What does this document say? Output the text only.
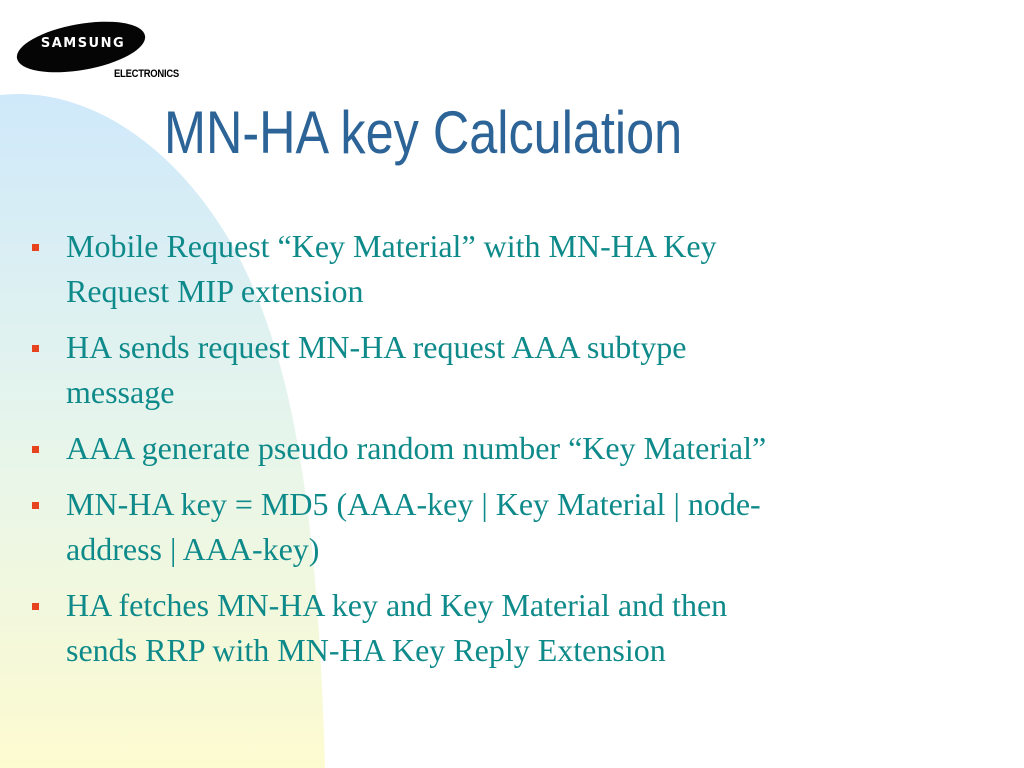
SAMSUNG
ELECTRONICS
MN-HA key Calculation
Mobile Request “Key Material” with MN-HA Key
Request MIP extension
HA sends request MN-HA request AAA subtype
message
AAA generate pseudo random number “Key Material”
MN-HA key = MD5 (AAA-key | Key Material | node-
address | AAA-key)
HA fetches MN-HA key and Key Material and then
sends RRP with MN-HA Key Reply Extension
